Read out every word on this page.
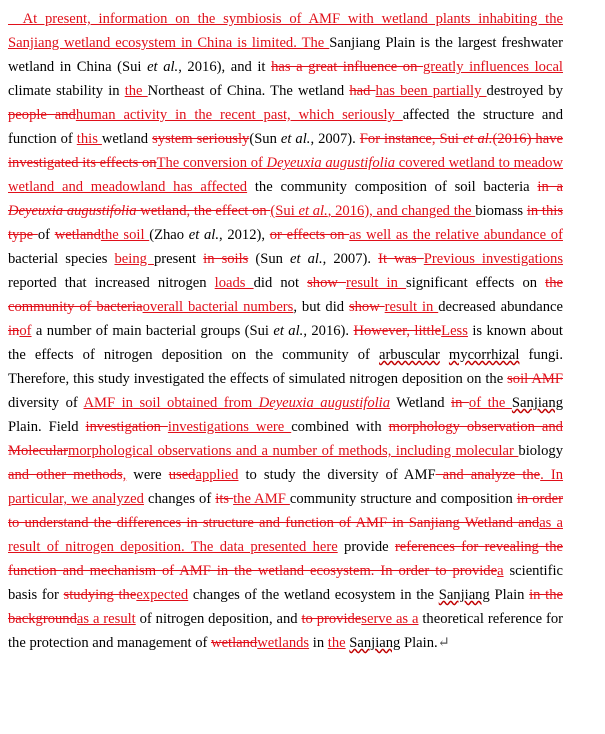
 At present, information on the symbiosis of AMF with wetland plants inhabiting the Sanjiang wetland ecosystem in China is limited. The Sanjiang Plain is the largest freshwater wetland in China (Sui et al., 2016), and it has a great influence on greatly influences local climate stability in the Northeast of China. The wetland had has been partially destroyed by people andhuman activity in the recent past, which seriously affected the structure and function of this wetland system seriously(Sun et al., 2007). For instance, Sui et al.(2016) have investigated its effects onThe conversion of Deyeuxia augustifolia covered wetland to meadow wetland and meadowland has affected the community composition of soil bacteria in a Deyeuxia augustifolia wetland, the effect on (Sui et al., 2016), and changed the biomass in this type of wetlandthe soil (Zhao et al., 2012), or effects on as well as the relative abundance of bacterial species being present in soils (Sun et al., 2007). It was Previous investigations reported that increased nitrogen loads did not show result in significant effects on the community of bacteriaoverall bacterial numbers, but did show result in decreased abundance inof a number of main bacterial groups (Sui et al., 2016). However, littleLess is known about the effects of nitrogen deposition on the community of arbuscular mycorrhizal fungi. Therefore, this study investigated the effects of simulated nitrogen deposition on the soil AMF diversity of AMF in soil obtained from Deyeuxia augustifolia Wetland in of the Sanjiang Plain. Field investigation investigations were combined with morphology observation and Molecularmorphological observations and a number of methods, including molecular biology and other methods, were usedapplied to study the diversity of AMF and analyze the. In particular, we analyzed changes of its the AMF community structure and composition in order to understand the differences in structure and function of AMF in Sanjiang Wetland andas a result of nitrogen deposition. The data presented here provide references for revealing the function and mechanism of AMF in the wetland ecosystem. In order to providea scientific basis for studying theexpected changes of the wetland ecosystem in the Sanjiang Plain in the backgroundas a result of nitrogen deposition, and to provideserve as a theoretical reference for the protection and management of wetlandwetlands in the Sanjiang Plain.↵
